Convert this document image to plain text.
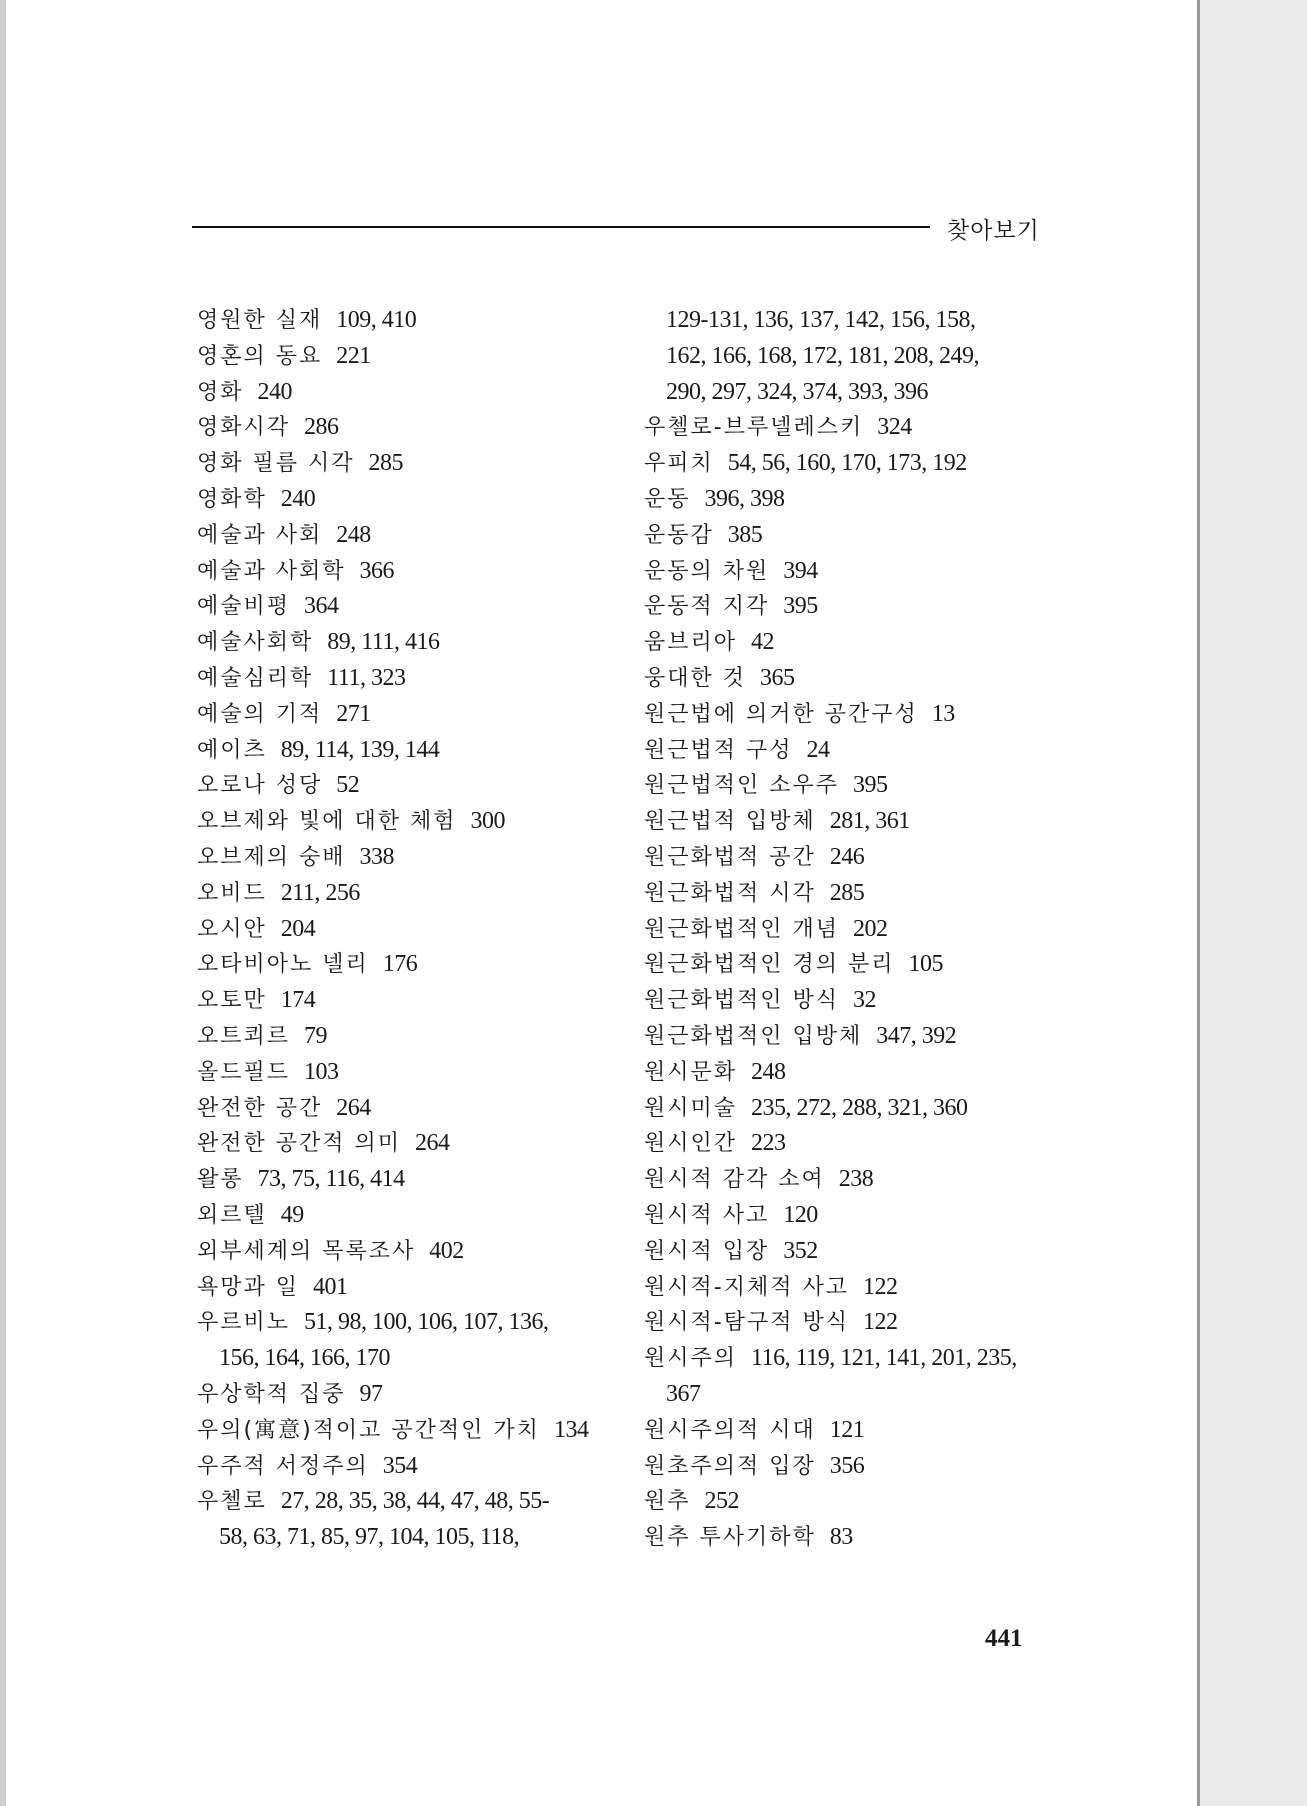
찾아보기
영원한 실재 109, 410
영혼의 동요 221
영화 240
영화시각 286
영화 필름 시각 285
영화학 240
예술과 사회 248
예술과 사회학 366
예술비평 364
예술사회학 89, 111, 416
예술심리학 111, 323
예술의 기적 271
예이츠 89, 114, 139, 144
오로나 성당 52
오브제와 빛에 대한 체험 300
오브제의 숭배 338
오비드 211, 256
오시안 204
오타비아노 넬리 176
오토만 174
오트쾨르 79
올드필드 103
완전한 공간 264
완전한 공간적 의미 264
왈롱 73, 75, 116, 414
외르텔 49
외부세계의 목록조사 402
욕망과 일 401
우르비노 51, 98, 100, 106, 107, 136,
156, 164, 166, 170
우상학적 집중 97
우의(寓意)적이고 공간적인 가치 134
우주적 서정주의 354
우첼로 27, 28, 35, 38, 44, 47, 48, 55-
58, 63, 71, 85, 97, 104, 105, 118,
129-131, 136, 137, 142, 156, 158,
162, 166, 168, 172, 181, 208, 249,
290, 297, 324, 374, 393, 396
우첼로-브루넬레스키 324
우피치 54, 56, 160, 170, 173, 192
운동 396, 398
운동감 385
운동의 차원 394
운동적 지각 395
움브리아 42
웅대한 것 365
원근법에 의거한 공간구성 13
원근법적 구성 24
원근법적인 소우주 395
원근법적 입방체 281, 361
원근화법적 공간 246
원근화법적 시각 285
원근화법적인 개념 202
원근화법적인 경의 분리 105
원근화법적인 방식 32
원근화법적인 입방체 347, 392
원시문화 248
원시미술 235, 272, 288, 321, 360
원시인간 223
원시적 감각 소여 238
원시적 사고 120
원시적 입장 352
원시적-지체적 사고 122
원시적-탐구적 방식 122
원시주의 116, 119, 121, 141, 201, 235,
367
원시주의적 시대 121
원초주의적 입장 356
원추 252
원추 투사기하학 83
441
